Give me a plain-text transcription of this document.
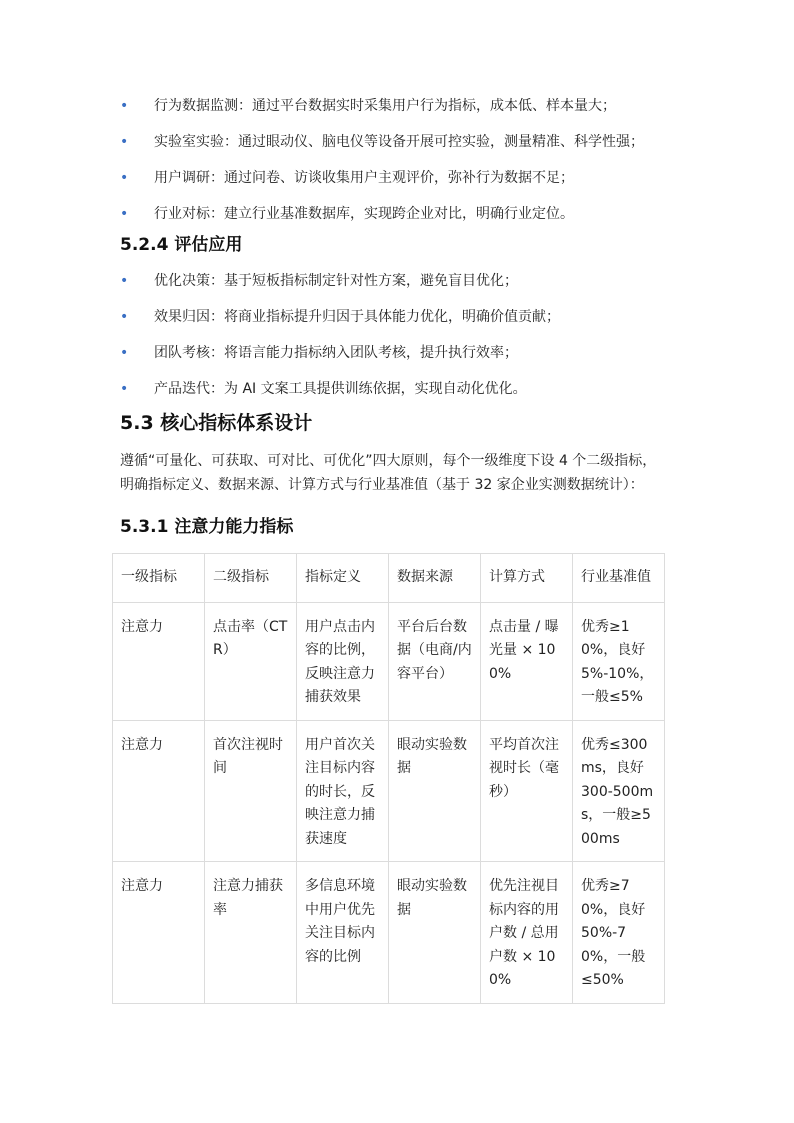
• 行为数据监测：通过平台数据实时采集用户行为指标，成本低、样本量大；
• 实验室实验：通过眼动仪、脑电仪等设备开展可控实验，测量精准、科学性强；
• 用户调研：通过问卷、访谈收集用户主观评价，弥补行为数据不足；
• 行业对标：建立行业基准数据库，实现跨企业对比，明确行业定位。
5.2.4 评估应用
• 优化决策：基于短板指标制定针对性方案，避免盲目优化；
• 效果归因：将商业指标提升归因于具体能力优化，明确价值贡献；
• 团队考核：将语言能力指标纳入团队考核，提升执行效率；
• 产品迭代：为 AI 文案工具提供训练依据，实现自动化优化。
5.3 核心指标体系设计
遵循“可量化、可获取、可对比、可优化”四大原则，每个一级维度下设 4 个二级指标，
明确指标定义、数据来源、计算方式与行业基准值（基于 32 家企业实测数据统计）：
5.3.1 注意力能力指标
一级指标	二级指标	指标定义	数据来源	计算方式	行业基准值
注意力	点击率（CTR）	用户点击内容的比例，反映注意力捕获效果	平台后台数据（电商/内容平台）	点击量 / 曝光量 × 100%	优秀≥10%，良好 5%-10%，一般≤5%
注意力	首次注视时间	用户首次关注目标内容的时长，反映注意力捕获速度	眼动实验数据	平均首次注视时长（毫秒）	优秀≤300ms，良好 300-500ms，一般≥500ms
注意力	注意力捕获率	多信息环境中用户优先关注目标内容的比例	眼动实验数据	优先注视目标内容的用户数 / 总用户数 × 100%	优秀≥70%，良好 50%-70%，一般≤50%
